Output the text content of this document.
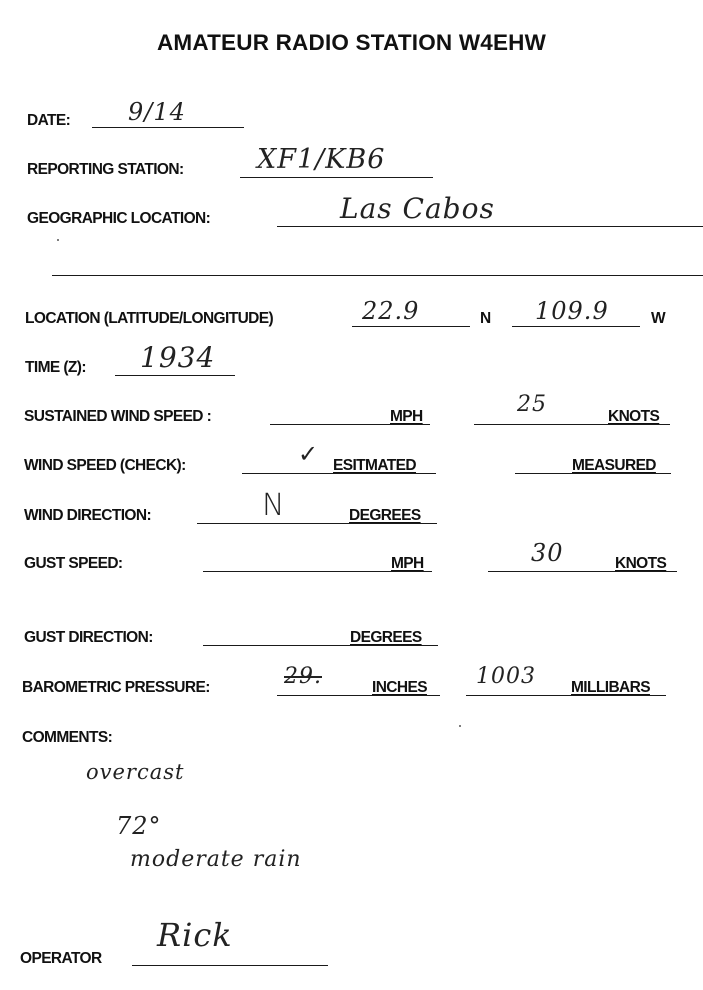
AMATEUR RADIO STATION W4EHW
DATE: 9/14
REPORTING STATION:	XF1/KB6
GEOGRAPHIC LOCATION:	Las Cabos
LOCATION (LATITUDE/LONGITUDE)	22.9	N 109.9	W
TIME (Z): 1934
SUSTAINED WIND SPEED :	MPH	25	KNOTS
WIND SPEED (CHECK):	✓ ESITMATED	MEASURED
WIND DIRECTION:	N	DEGREES
GUST SPEED:	MPH	30	KNOTS
GUST DIRECTION:	DEGREES
BAROMETRIC PRESSURE:	29.	INCHES 1003 MILLIBARS
COMMENTS:
overcast
72°
moderate rain
OPERATOR
Rick
